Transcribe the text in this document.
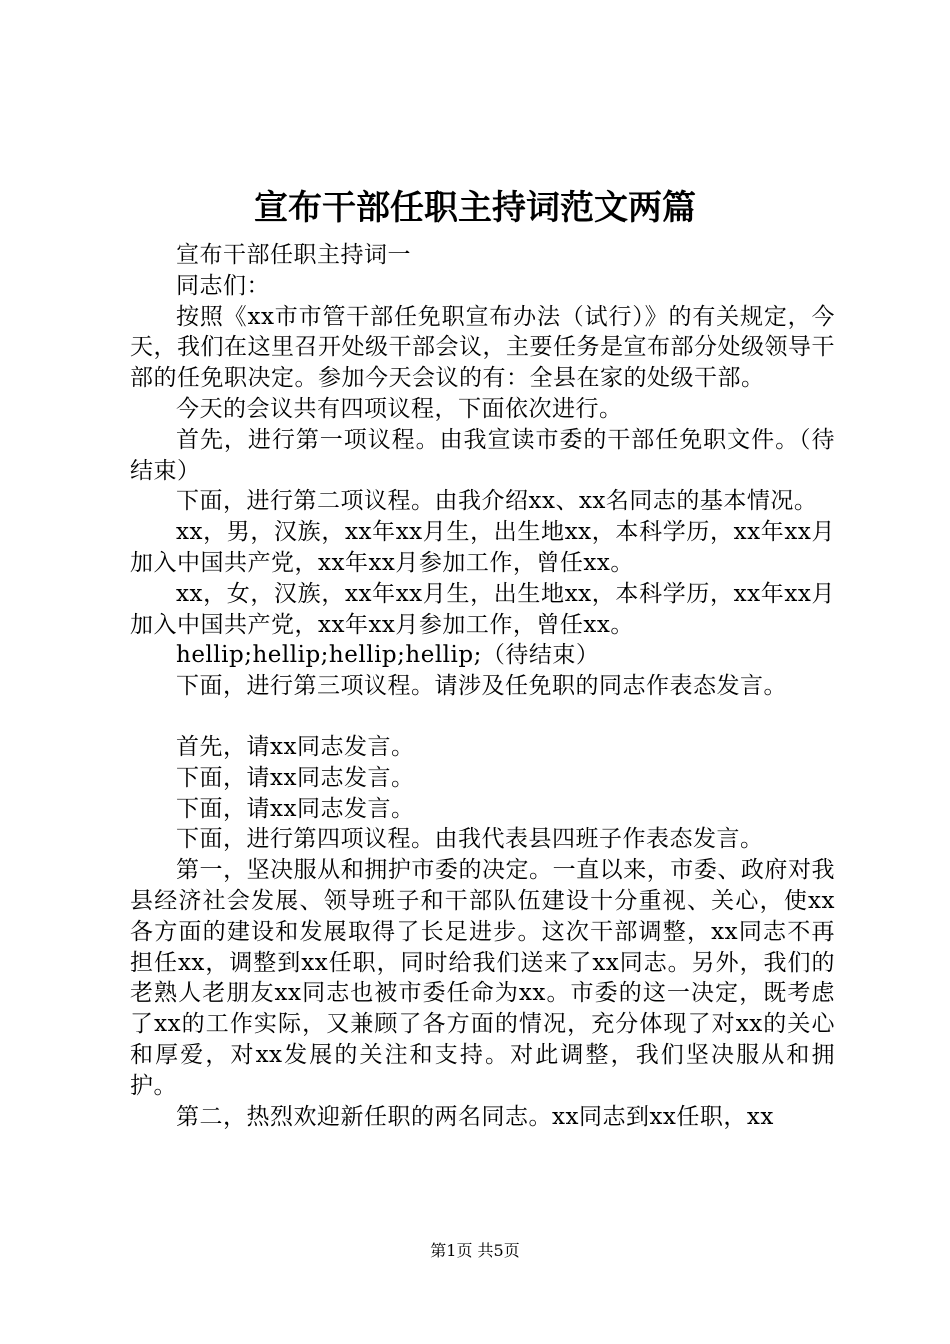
宣布干部任职主持词范文两篇

宣布干部任职主持词一

同志们：

按照《xx市市管干部任免职宣布办法（试行）》的有关规定，今天，我们在这里召开处级干部会议，主要任务是宣布部分处级领导干部的任免职决定。参加今天会议的有：全县在家的处级干部。

今天的会议共有四项议程，下面依次进行。

首先，进行第一项议程。由我宣读市委的干部任免职文件。（待结束）

下面，进行第二项议程。由我介绍xx、xx名同志的基本情况。

xx，男，汉族，xx年xx月生，出生地xx，本科学历，xx年xx月加入中国共产党，xx年xx月参加工作，曾任xx。

xx，女，汉族，xx年xx月生，出生地xx，本科学历，xx年xx月加入中国共产党，xx年xx月参加工作，曾任xx。

hellip;hellip;hellip;hellip;（待结束）

下面，进行第三项议程。请涉及任免职的同志作表态发言。

首先，请xx同志发言。

下面，请xx同志发言。

下面，请xx同志发言。

下面，进行第四项议程。由我代表县四班子作表态发言。

第一，坚决服从和拥护市委的决定。一直以来，市委、政府对我县经济社会发展、领导班子和干部队伍建设十分重视、关心，使xx各方面的建设和发展取得了长足进步。这次干部调整，xx同志不再担任xx，调整到xx任职，同时给我们送来了xx同志。另外，我们的老熟人老朋友xx同志也被市委任命为xx。市委的这一决定，既考虑了xx的工作实际，又兼顾了各方面的情况，充分体现了对xx的关心和厚爱，对xx发展的关注和支持。对此调整，我们坚决服从和拥护。

第二，热烈欢迎新任职的两名同志。xx同志到xx任职，xx

第1页 共5页
